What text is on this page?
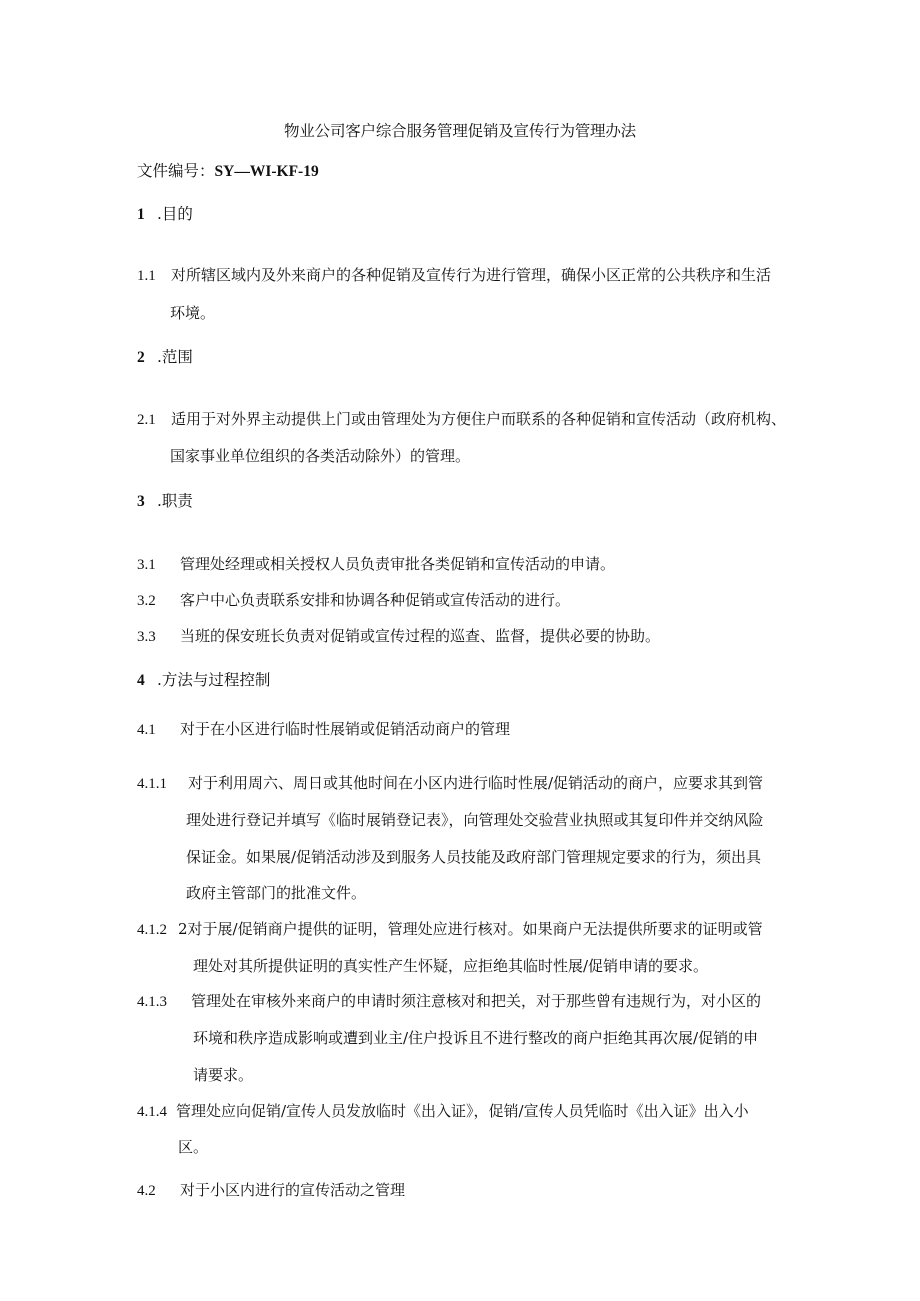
物业公司客户综合服务管理促销及宣传行为管理办法
文件编号：SY—WI-KF-19
1 .目的
1.1 对所辖区域内及外来商户的各种促销及宣传行为进行管理，确保小区正常的公共秩序和生活
环境。
2 .范围
2.1 适用于对外界主动提供上门或由管理处为方便住户而联系的各种促销和宣传活动（政府机构、
国家事业单位组织的各类活动除外）的管理。
3 .职责
3.1 管理处经理或相关授权人员负责审批各类促销和宣传活动的申请。
3.2 客户中心负责联系安排和协调各种促销或宣传活动的进行。
3.3 当班的保安班长负责对促销或宣传过程的巡查、监督，提供必要的协助。
4 .方法与过程控制
4.1 对于在小区进行临时性展销或促销活动商户的管理
4.1.1 对于利用周六、周日或其他时间在小区内进行临时性展/促销活动的商户，应要求其到管
理处进行登记并填写《临时展销登记表》，向管理处交验营业执照或其复印件并交纳风险
保证金。如果展/促销活动涉及到服务人员技能及政府部门管理规定要求的行为，须出具
政府主管部门的批准文件。
4.1.2 2对于展/促销商户提供的证明，管理处应进行核对。如果商户无法提供所要求的证明或管
理处对其所提供证明的真实性产生怀疑，应拒绝其临时性展/促销申请的要求。
4.1.3 管理处在审核外来商户的申请时须注意核对和把关，对于那些曾有违规行为，对小区的
环境和秩序造成影响或遭到业主/住户投诉且不进行整改的商户拒绝其再次展/促销的申
请要求。
4.1.4 管理处应向促销/宣传人员发放临时《出入证》，促销/宣传人员凭临时《出入证》出入小
区。
4.2 对于小区内进行的宣传活动之管理
